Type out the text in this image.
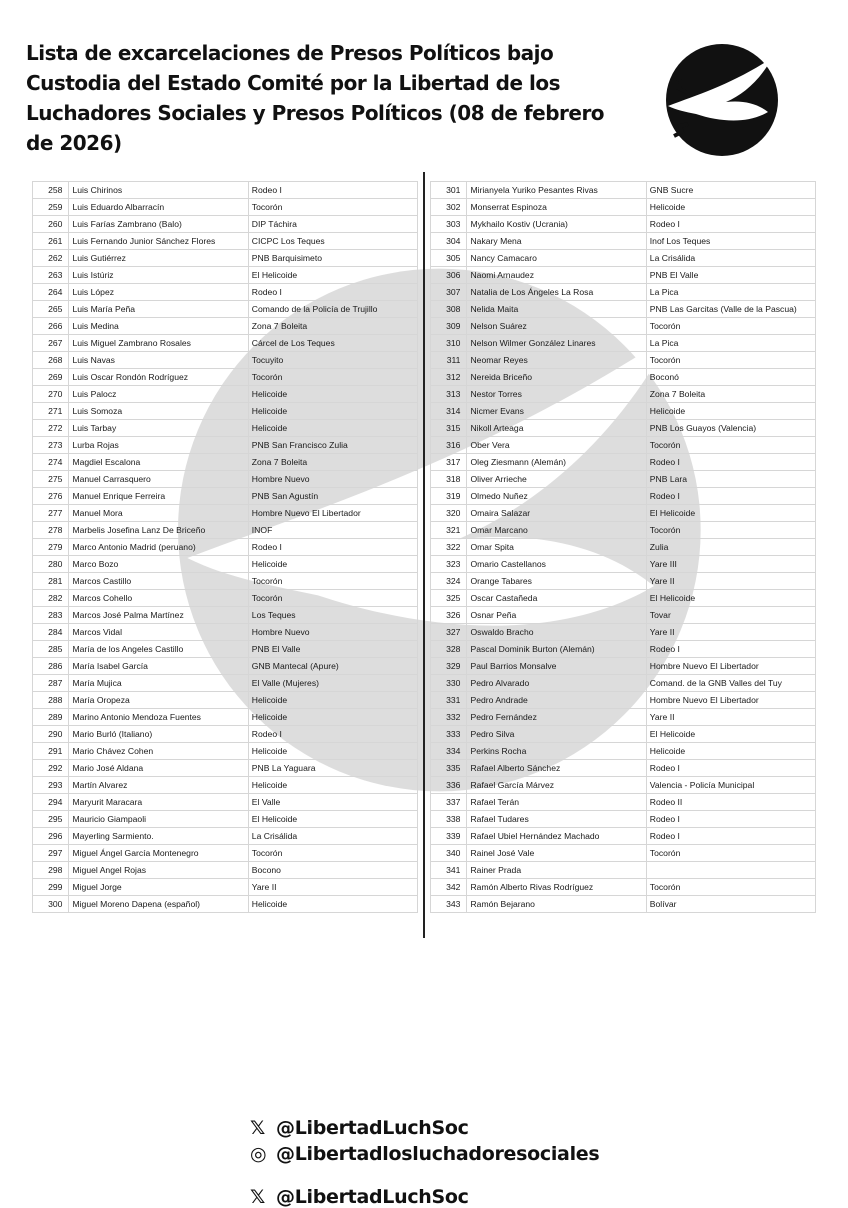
Lista de excarcelaciones de Presos Políticos bajo Custodia del Estado Comité por la Libertad de los Luchadores Sociales y Presos Políticos (08 de febrero de 2026)
258	Luis Chirinos	Rodeo I
259	Luis Eduardo Albarracín	Tocorón
260	Luis Farías Zambrano (Balo)	DIP Táchira
261	Luis Fernando Junior Sánchez Flores	CICPC Los Teques
262	Luis Gutiérrez	PNB Barquisimeto
263	Luis Istúriz	El Helicoide
264	Luis López	Rodeo I
265	Luis María Peña	Comando de la Policía de Trujillo
266	Luis Medina	Zona 7 Boleita
267	Luis Miguel Zambrano Rosales	Cárcel de Los Teques
268	Luis Navas	Tocuyito
269	Luis Oscar Rondón Rodríguez	Tocorón
270	Luis Palocz	Helicoide
271	Luis Somoza	Helicoide
272	Luis Tarbay	Helicoide
273	Lurba Rojas	PNB San Francisco Zulia
274	Magdiel Escalona	Zona 7 Boleita
275	Manuel Carrasquero	Hombre Nuevo
276	Manuel Enrique Ferreira	PNB San Agustín
277	Manuel Mora	Hombre Nuevo El Libertador
278	Marbelis Josefina Lanz De Briceño	INOF
279	Marco Antonio Madrid (peruano)	Rodeo I
280	Marco Bozo	Helicoide
281	Marcos Castillo	Tocorón
282	Marcos Cohello	Tocorón
283	Marcos José Palma Martínez	Los Teques
284	Marcos Vidal	Hombre Nuevo
285	María de los Angeles Castillo	PNB El Valle
286	María Isabel García	GNB Mantecal (Apure)
287	María Mujica	El Valle (Mujeres)
288	María Oropeza	Helicoide
289	Marino Antonio Mendoza Fuentes	Helicoide
290	Mario Burló (Italiano)	Rodeo I
291	Mario Chávez Cohen	Helicoide
292	Mario José Aldana	PNB La Yaguara
293	Martín Alvarez	Helicoide
294	Maryurit Maracara	El Valle
295	Mauricio Giampaoli	El Helicoide
296	Mayerling Sarmiento.	La Crisálida
297	Miguel Ángel García Montenegro	Tocorón
298	Miguel Angel Rojas	Bocono
299	Miguel Jorge	Yare II
300	Miguel Moreno Dapena (español)	Helicoide
301	Mirianyela Yuriko Pesantes Rivas	GNB Sucre
302	Monserrat Espinoza	Helicoide
303	Mykhailo Kostiv (Ucrania)	Rodeo I
304	Nakary Mena	Inof Los Teques
305	Nancy Camacaro	La Crisálida
306	Naomi Arnaudez	PNB El Valle
307	Natalia de Los Ángeles La Rosa	La Pica
308	Nelida Maita	PNB Las Garcitas (Valle de la Pascua)
309	Nelson Suárez	Tocorón
310	Nelson Wilmer González Linares	La Pica
311	Neomar Reyes	Tocorón
312	Nereida Briceño	Boconó
313	Nestor Torres	Zona 7 Boleita
314	Nicmer Evans	Helicoide
315	Nikoll Arteaga	PNB Los Guayos (Valencia)
316	Ober Vera	Tocorón
317	Oleg Ziesmann (Alemán)	Rodeo I
318	Oliver Arrieche	PNB Lara
319	Olmedo Nuñez	Rodeo I
320	Omaira Salazar	El Helicoide
321	Omar Marcano	Tocorón
322	Omar Spita	Zulia
323	Omario Castellanos	Yare III
324	Orange Tabares	Yare II
325	Oscar Castañeda	El Helicoide
326	Osnar Peña	Tovar
327	Oswaldo Bracho	Yare II
328	Pascal Dominik Burton (Alemán)	Rodeo I
329	Paul Barrios Monsalve	Hombre Nuevo El Libertador
330	Pedro Alvarado	Comand. de la GNB Valles del Tuy
331	Pedro Andrade	Hombre Nuevo El Libertador
332	Pedro Fernández	Yare II
333	Pedro Silva	El Helicoide
334	Perkins Rocha	Helicoide
335	Rafael Alberto Sánchez	Rodeo I
336	Rafael García Márvez	Valencia - Policía Municipal
337	Rafael Terán	Rodeo II
338	Rafael Tudares	Rodeo I
339	Rafael Ubiel Hernández Machado	Rodeo I
340	Rainel José Vale	Tocorón
341	Rainer Prada	
342	Ramón Alberto Rivas Rodríguez	Tocorón
343	Ramón Bejarano	Bolívar
𝕏 @LibertadLuchSoc
◎ @Libertadlosluchadoresociales
𝕏 @LibertadLuchSoc
